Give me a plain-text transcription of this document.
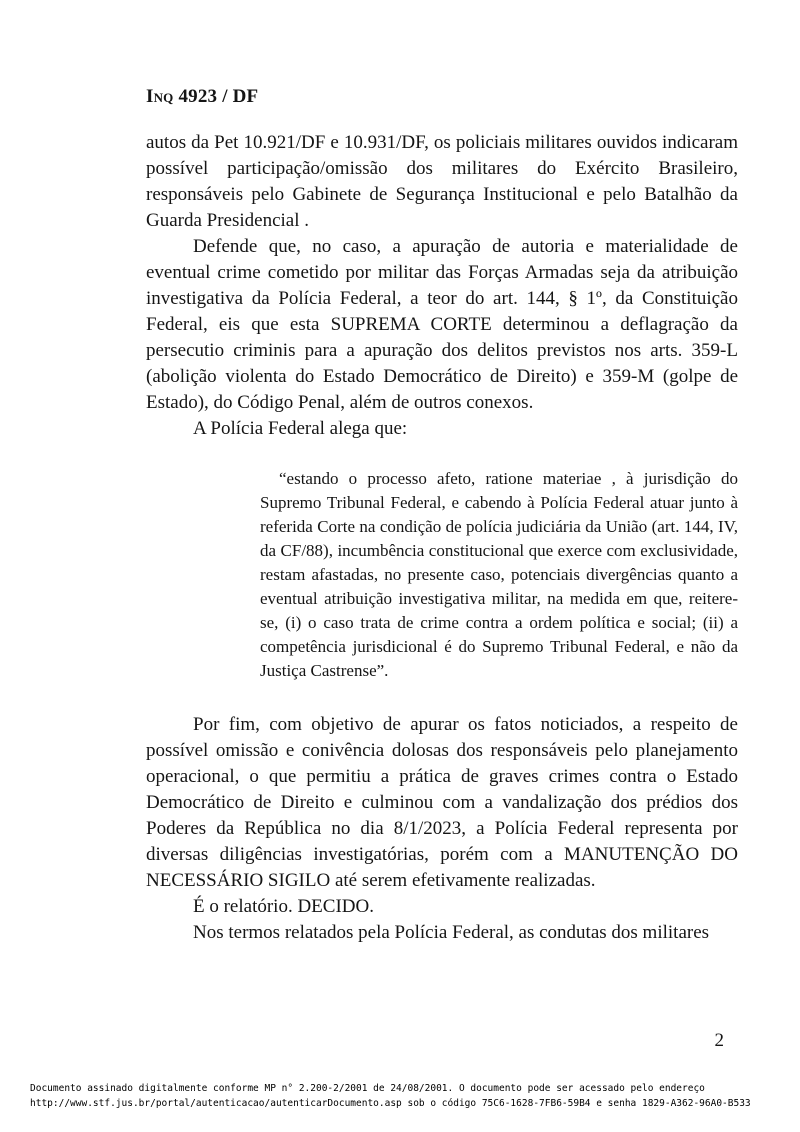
Inq 4923 / DF

autos da Pet 10.921/DF e 10.931/DF, os policiais militares ouvidos indicaram possível participação/omissão dos militares do Exército Brasileiro, responsáveis pelo Gabinete de Segurança Institucional e pelo Batalhão da Guarda Presidencial .

Defende que, no caso, a apuração de autoria e materialidade de eventual crime cometido por militar das Forças Armadas seja da atribuição investigativa da Polícia Federal, a teor do art. 144, § 1º, da Constituição Federal, eis que esta SUPREMA CORTE determinou a deflagração da persecutio criminis para a apuração dos delitos previstos nos arts. 359-L (abolição violenta do Estado Democrático de Direito) e 359-M (golpe de Estado), do Código Penal, além de outros conexos.

A Polícia Federal alega que:

“estando o processo afeto, ratione materiae , à jurisdição do Supremo Tribunal Federal, e cabendo à Polícia Federal atuar junto à referida Corte na condição de polícia judiciária da União (art. 144, IV, da CF/88), incumbência constitucional que exerce com exclusividade, restam afastadas, no presente caso, potenciais divergências quanto a eventual atribuição investigativa militar, na medida em que, reitere-se, (i) o caso trata de crime contra a ordem política e social; (ii) a competência jurisdicional é do Supremo Tribunal Federal, e não da Justiça Castrense”.

Por fim, com objetivo de apurar os fatos noticiados, a respeito de possível omissão e conivência dolosas dos responsáveis pelo planejamento operacional, o que permitiu a prática de graves crimes contra o Estado Democrático de Direito e culminou com a vandalização dos prédios dos Poderes da República no dia 8/1/2023, a Polícia Federal representa por diversas diligências investigatórias, porém com a MANUTENÇÃO DO NECESSÁRIO SIGILO até serem efetivamente realizadas.

É o relatório. DECIDO.

Nos termos relatados pela Polícia Federal, as condutas dos militares

2
Documento assinado digitalmente conforme MP n° 2.200-2/2001 de 24/08/2001. O documento pode ser acessado pelo endereço
http://www.stf.jus.br/portal/autenticacao/autenticarDocumento.asp sob o código 75C6-1628-7FB6-59B4 e senha 1829-A362-96A0-B533
